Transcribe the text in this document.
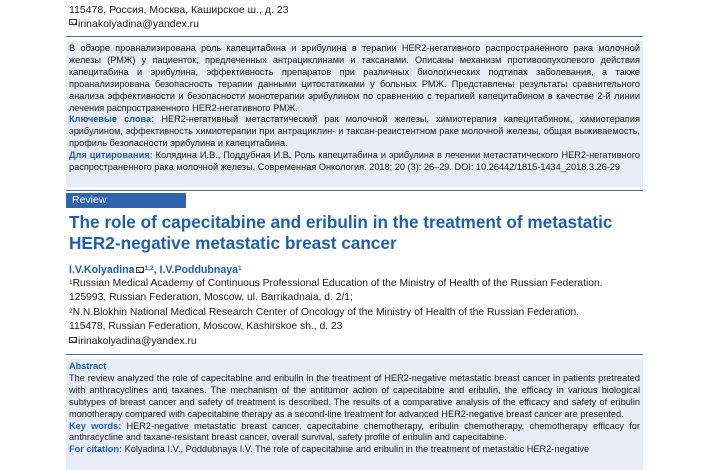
115478, Россия, Москва, Каширское ш., д. 23
irinakolyadina@yandex.ru

В обзоре проанализирована роль капецитабина и эрибулина в терапии HER2-негативного распространенного рака молочной железы (РМЖ) у пациенток, предлеченных антрациклинами и таксанами. Описаны механизм противоопухолевого действия капецитабина и эрибулина, эффективность препаратов при различных биологических подтипах заболевания, а также проанализирована безопасность терапии данными цитостатиками у больных РМЖ. Представлены результаты сравнительного анализа эффективности и безопасности монотерапии эрибулином по сравнению с терапией капецитабином в качестве 2-й линии лечения распространенного HER2-негативного РМЖ.

Ключевые слова: HER2-негативный метастатический рак молочной железы, химиотерапия капецитабином, химиотерапия эрибулином, эффективность химиотерапии при антрациклин- и таксан-резистентном раке молочной железы, общая выживаемость, профиль безопасности эрибулина и капецитабина.

Для цитирования: Колядина И.В., Поддубная И.В. Роль капецитабина и эрибулина в лечении метастатического HER2-негативного распространенного рака молочной железы. Современная Онкология. 2018; 20 (3): 26–29. DOI: 10.26442/1815-1434_2018.3.26-29

Review
The role of capecitabine and eribulin in the treatment of metastatic HER2-negative metastatic breast cancer
I.V.Kolyadina $^{1,2}$, I.V.Poddubnaya$^1$
$^1$Russian Medical Academy of Continuous Professional Education of the Ministry of Health of the Russian Federation.
125993, Russian Federation, Moscow, ul. Barrikadnaia, d. 2/1;
$^2$N.N.Blokhin National Medical Research Center of Oncology of the Ministry of Health of the Russian Federation.
115478, Russian Federation, Moscow, Kashirskoe sh., d. 23
irinakolyadina@yandex.ru

Abstract

The review analyzed the role of capecitabine and eribulin in the treatment of HER2-negative metastatic breast cancer in patients pretreated with anthracyclines and taxanes. The mechanism of the antitumor action of capecitabine and eribulin, the efficacy in various biological subtypes of breast cancer and safety of treatment is described. The results of a comparative analysis of the efficacy and safety of eribulin monotherapy compared with capecitabine therapy as a second-line treatment for advanced HER2-negative breast cancer are presented.

Key words: HER2-negative metastatic breast cancer, capecitabine chemotherapy, eribulin chemotherapy, chemotherapy efficacy for anthracycline and taxane-resistant breast cancer, overall survival, safety profile of eribulin and capecitabine.

For citation: Kolyadina I.V., Poddubnaya I.V. The role of capecitabine and eribulin in the treatment of metastatic HER2-negative
